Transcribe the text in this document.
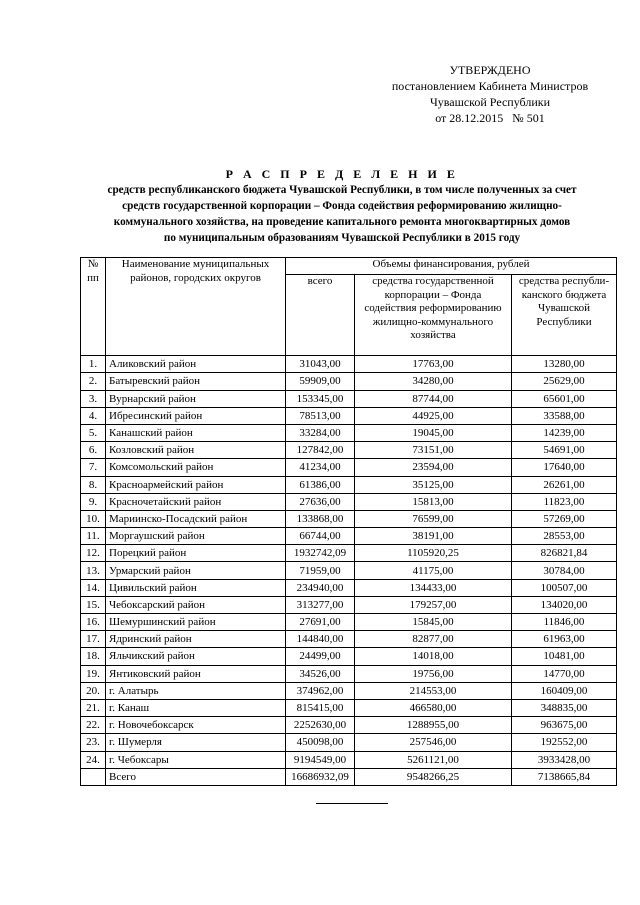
УТВЕРЖДЕНО
постановлением Кабинета Министров
Чувашской Республики
от 28.12.2015   № 501
Р А С П Р Е Д Е Л Е Н И Е
средств республиканского бюджета Чувашской Республики, в том числе полученных за счет
средств государственной корпорации – Фонда содействия реформированию жилищно-
коммунального хозяйства, на проведение капитального ремонта многоквартирных домов
по муниципальным образованиям Чувашской Республики в 2015 году
№ пп	Наименование муниципальных районов, городских округов	Объемы финансирования, рублей		
		всего	средства государственной корпорации – Фонда содействия реформированию жилищно-коммунального хозяйства	средства республи-канского бюджета Чувашской Республики
1.	Аликовский район	31043,00	17763,00	13280,00
2.	Батыревский район	59909,00	34280,00	25629,00
3.	Вурнарский район	153345,00	87744,00	65601,00
4.	Ибресинский район	78513,00	44925,00	33588,00
5.	Канашский район	33284,00	19045,00	14239,00
6.	Козловский район	127842,00	73151,00	54691,00
7.	Комсомольский район	41234,00	23594,00	17640,00
8.	Красноармейский район	61386,00	35125,00	26261,00
9.	Красночетайский район	27636,00	15813,00	11823,00
10.	Мариинско-Посадский район	133868,00	76599,00	57269,00
11.	Моргаушский район	66744,00	38191,00	28553,00
12.	Порецкий район	1932742,09	1105920,25	826821,84
13.	Урмарский район	71959,00	41175,00	30784,00
14.	Цивильский район	234940,00	134433,00	100507,00
15.	Чебоксарский район	313277,00	179257,00	134020,00
16.	Шемуршинский район	27691,00	15845,00	11846,00
17.	Ядринский район	144840,00	82877,00	61963,00
18.	Яльчикский район	24499,00	14018,00	10481,00
19.	Янтиковский район	34526,00	19756,00	14770,00
20.	г. Алатырь	374962,00	214553,00	160409,00
21.	г. Канаш	815415,00	466580,00	348835,00
22.	г. Новочебоксарск	2252630,00	1288955,00	963675,00
23.	г. Шумерля	450098,00	257546,00	192552,00
24.	г. Чебоксары	9194549,00	5261121,00	3933428,00
	Всего	16686932,09	9548266,25	7138665,84
